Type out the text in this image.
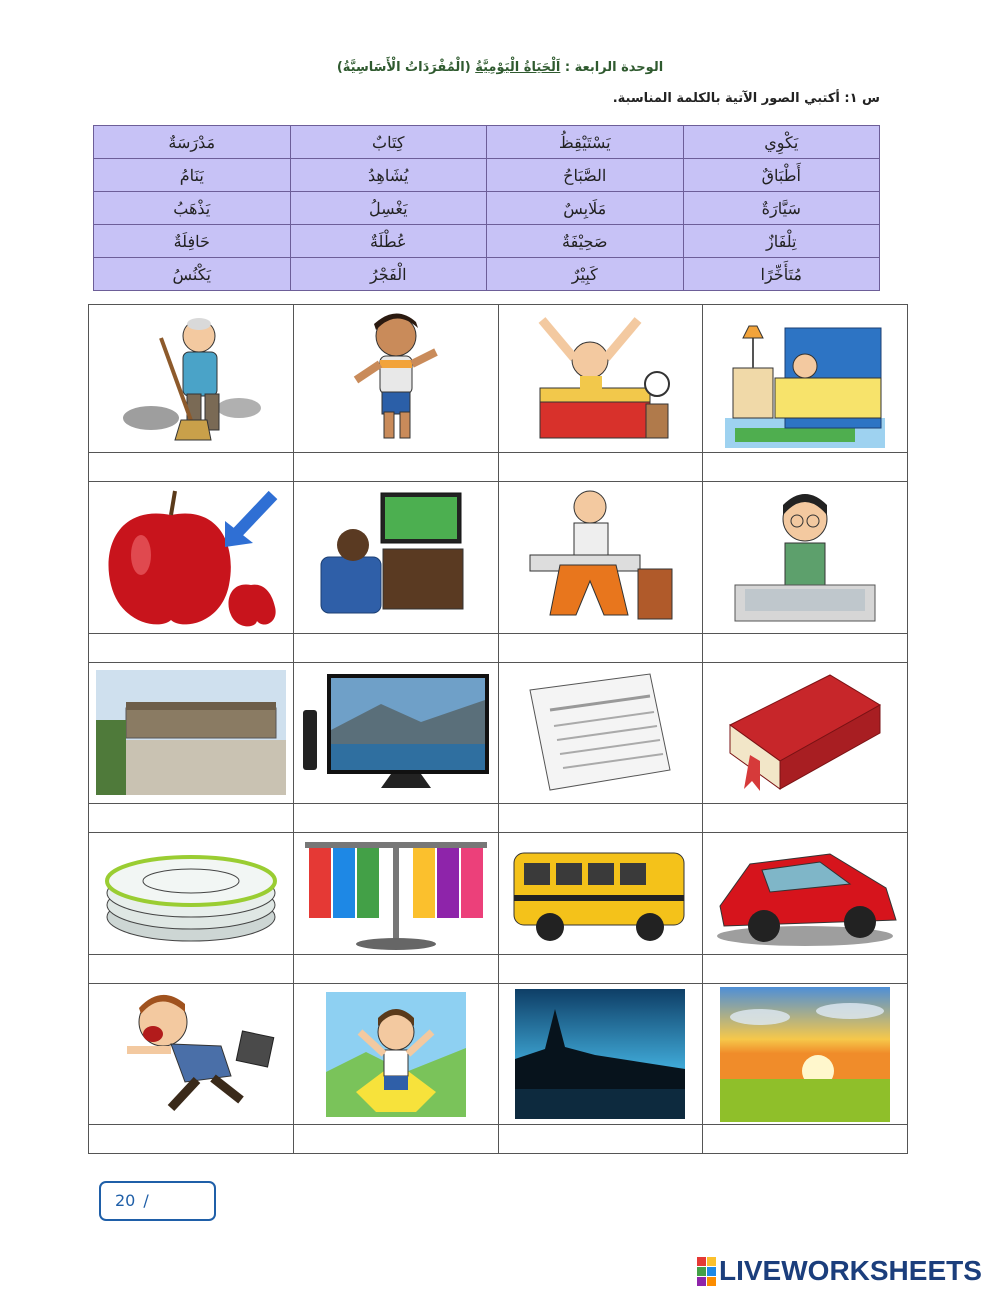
الوحدة الرابعة : اَلْحَيَاةُ الْيَوْمِيَّةُ (الْمُفْرَدَاتُ الْأَسَاسِيَّةُ)
س ١: أكتبي الصور الآتية بالكلمة المناسبة.
مَدْرَسَةٌ	كِتَابٌ	يَسْتَيْقِظُ	يَكْوِي
يَنَامُ	يُشَاهِدُ	الصَّبَاحُ	أَطْبَاقٌ
يَذْهَبُ	يَغْسِلُ	مَلَابِسٌ	سَيَّارَةٌ
حَافِلَةٌ	عُطْلَةٌ	صَحِيْفَةٌ	تِلْفَازٌ
يَكْنُسُ	الْفَجْرُ	كَبِيْرٌ	مُتَأَخِّرًا

20 /
LIVEWORKSHEETS
